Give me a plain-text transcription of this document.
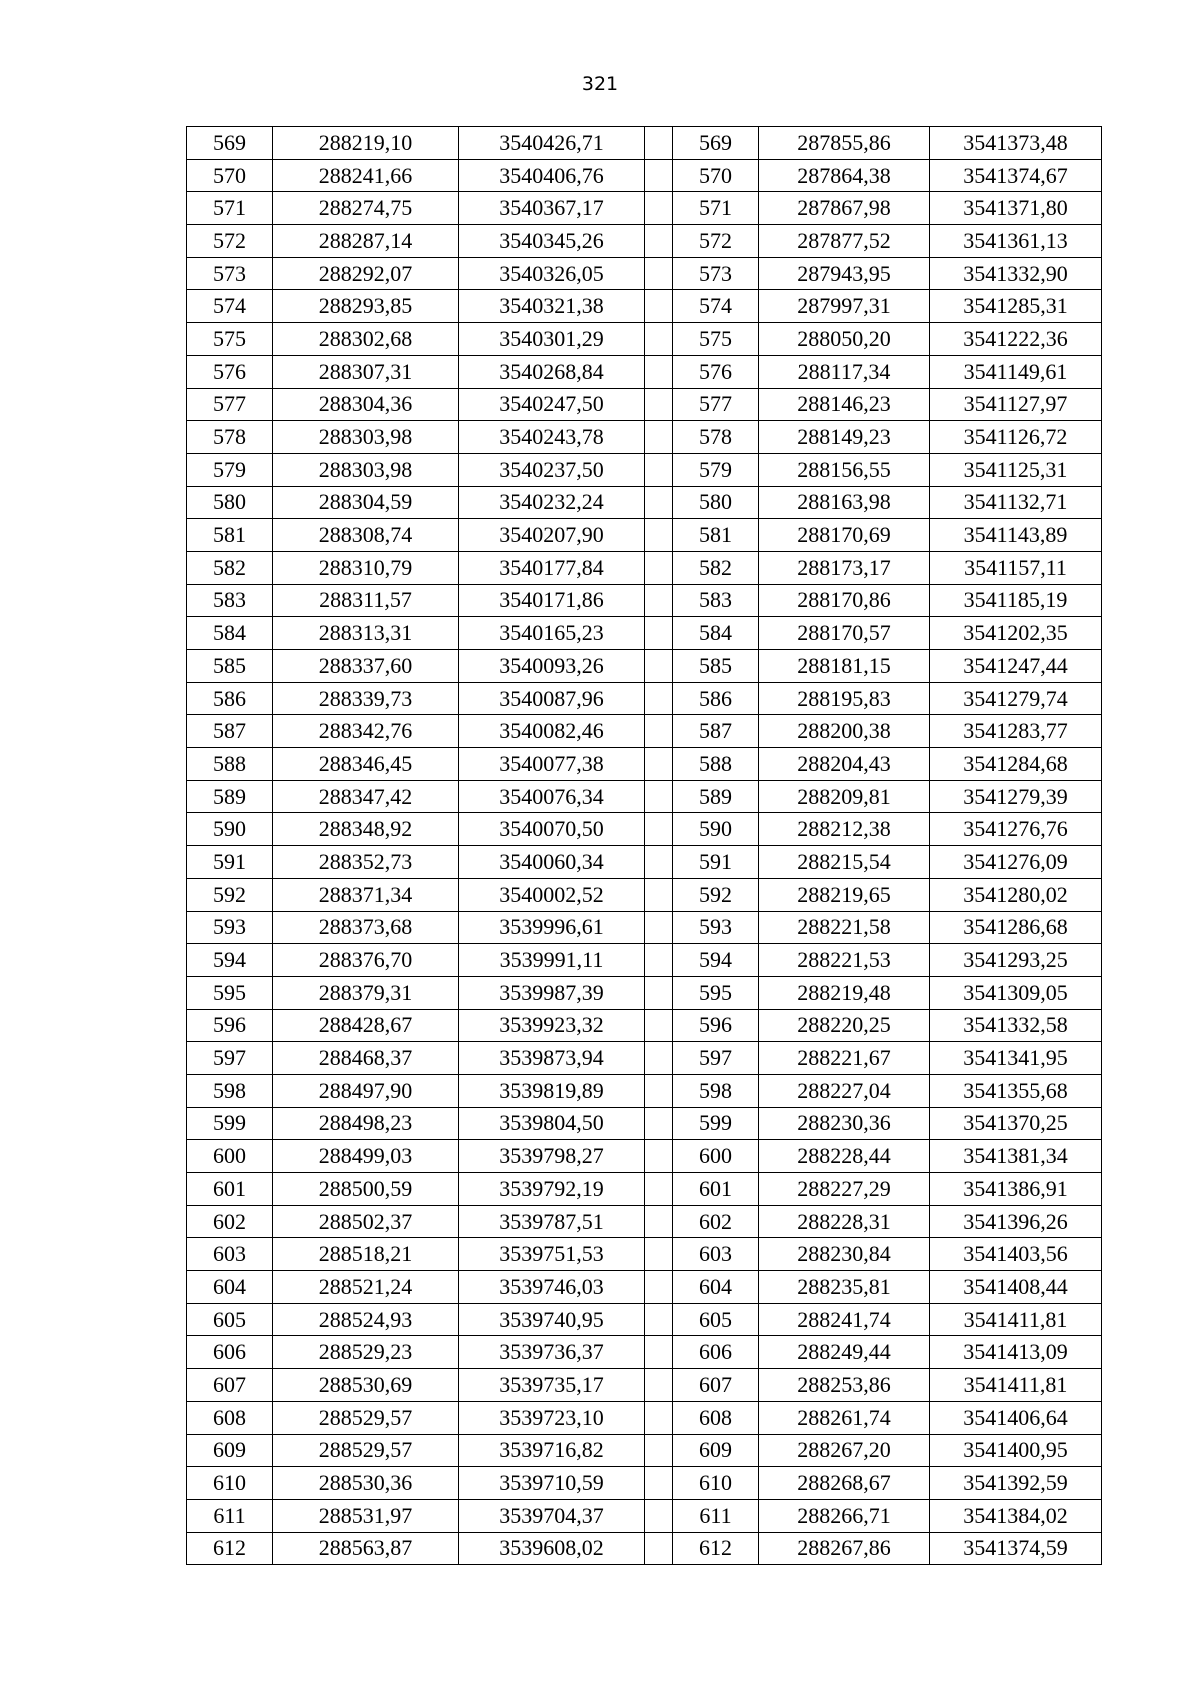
321
569	288219,10	3540426,71		569	287855,86	3541373,48
570	288241,66	3540406,76		570	287864,38	3541374,67
571	288274,75	3540367,17		571	287867,98	3541371,80
572	288287,14	3540345,26		572	287877,52	3541361,13
573	288292,07	3540326,05		573	287943,95	3541332,90
574	288293,85	3540321,38		574	287997,31	3541285,31
575	288302,68	3540301,29		575	288050,20	3541222,36
576	288307,31	3540268,84		576	288117,34	3541149,61
577	288304,36	3540247,50		577	288146,23	3541127,97
578	288303,98	3540243,78		578	288149,23	3541126,72
579	288303,98	3540237,50		579	288156,55	3541125,31
580	288304,59	3540232,24		580	288163,98	3541132,71
581	288308,74	3540207,90		581	288170,69	3541143,89
582	288310,79	3540177,84		582	288173,17	3541157,11
583	288311,57	3540171,86		583	288170,86	3541185,19
584	288313,31	3540165,23		584	288170,57	3541202,35
585	288337,60	3540093,26		585	288181,15	3541247,44
586	288339,73	3540087,96		586	288195,83	3541279,74
587	288342,76	3540082,46		587	288200,38	3541283,77
588	288346,45	3540077,38		588	288204,43	3541284,68
589	288347,42	3540076,34		589	288209,81	3541279,39
590	288348,92	3540070,50		590	288212,38	3541276,76
591	288352,73	3540060,34		591	288215,54	3541276,09
592	288371,34	3540002,52		592	288219,65	3541280,02
593	288373,68	3539996,61		593	288221,58	3541286,68
594	288376,70	3539991,11		594	288221,53	3541293,25
595	288379,31	3539987,39		595	288219,48	3541309,05
596	288428,67	3539923,32		596	288220,25	3541332,58
597	288468,37	3539873,94		597	288221,67	3541341,95
598	288497,90	3539819,89		598	288227,04	3541355,68
599	288498,23	3539804,50		599	288230,36	3541370,25
600	288499,03	3539798,27		600	288228,44	3541381,34
601	288500,59	3539792,19		601	288227,29	3541386,91
602	288502,37	3539787,51		602	288228,31	3541396,26
603	288518,21	3539751,53		603	288230,84	3541403,56
604	288521,24	3539746,03		604	288235,81	3541408,44
605	288524,93	3539740,95		605	288241,74	3541411,81
606	288529,23	3539736,37		606	288249,44	3541413,09
607	288530,69	3539735,17		607	288253,86	3541411,81
608	288529,57	3539723,10		608	288261,74	3541406,64
609	288529,57	3539716,82		609	288267,20	3541400,95
610	288530,36	3539710,59		610	288268,67	3541392,59
611	288531,97	3539704,37		611	288266,71	3541384,02
612	288563,87	3539608,02		612	288267,86	3541374,59
